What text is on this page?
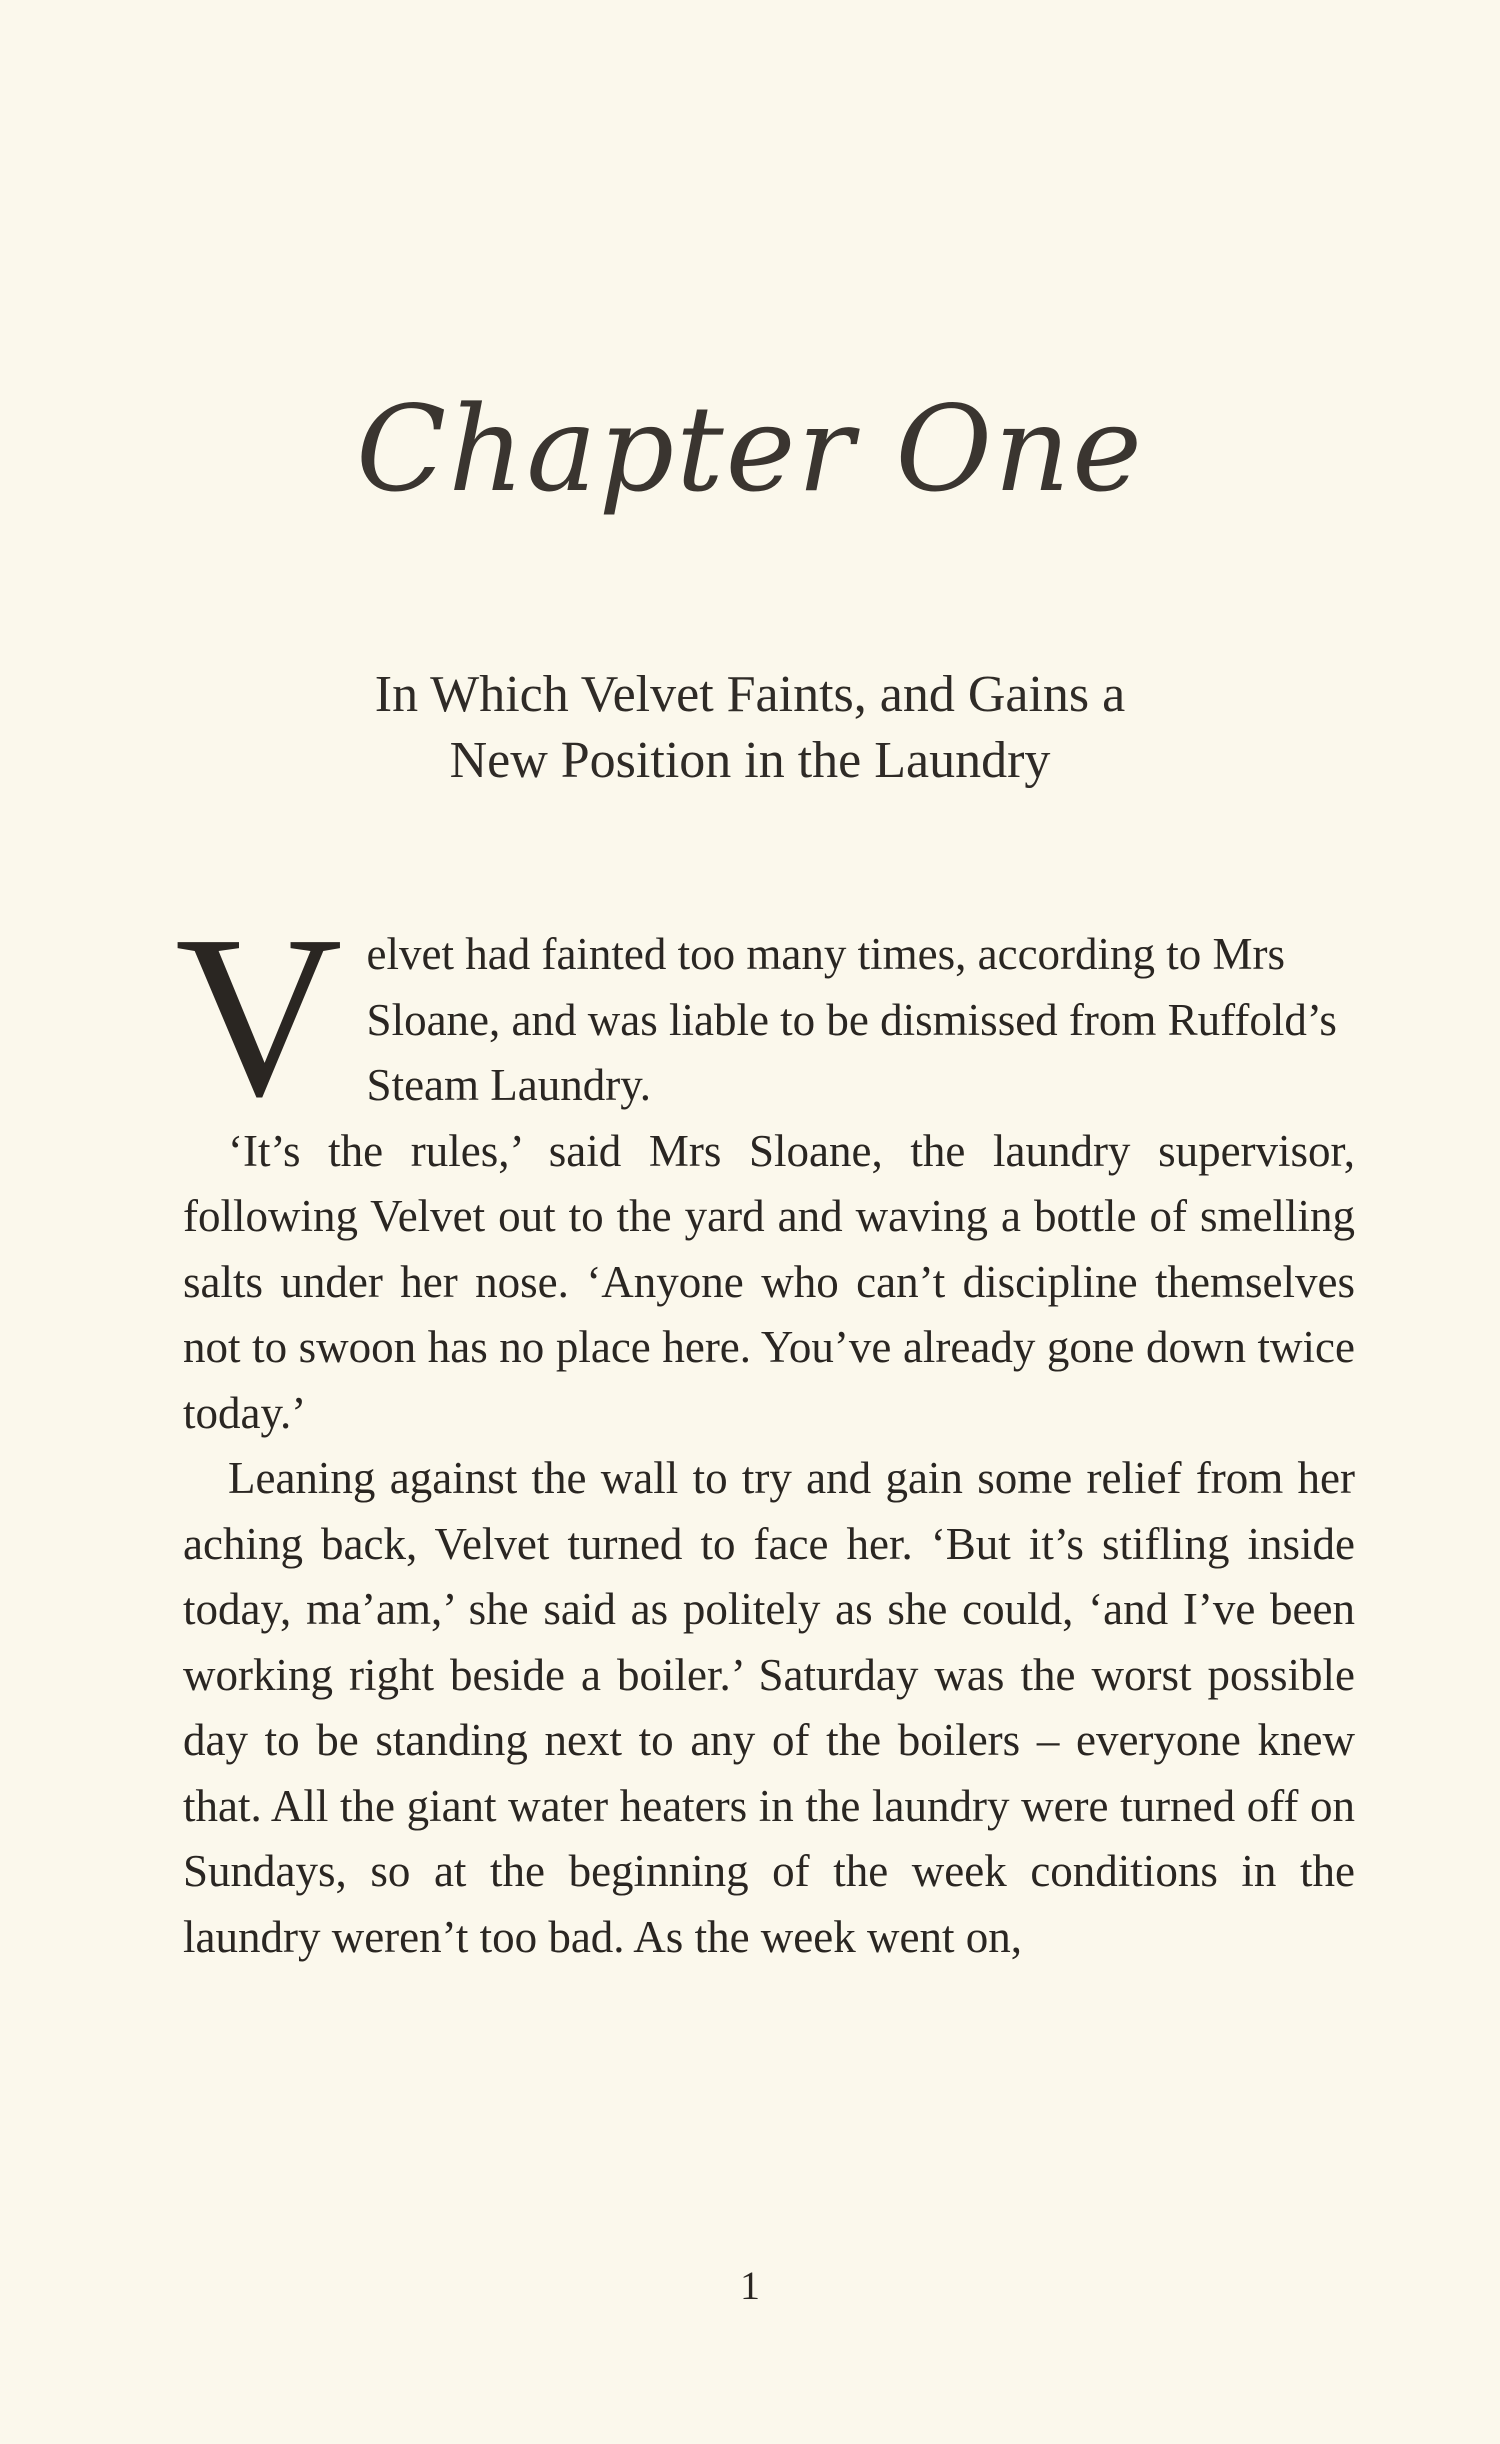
Chapter One
In Which Velvet Faints, and Gains a
New Position in the Laundry
V elvet had fainted too many times, according to Mrs Sloane, and was liable to be dismissed from Ruffold’s Steam Laundry.

‘It’s the rules,’ said Mrs Sloane, the laundry supervisor, following Velvet out to the yard and waving a bottle of smelling salts under her nose. ‘Anyone who can’t discipline themselves not to swoon has no place here. You’ve already gone down twice today.’

Leaning against the wall to try and gain some relief from her aching back, Velvet turned to face her. ‘But it’s stifling inside today, ma’am,’ she said as politely as she could, ‘and I’ve been working right beside a boiler.’ Saturday was the worst possible day to be standing next to any of the boilers – everyone knew that. All the giant water heaters in the laundry were turned off on Sundays, so at the beginning of the week conditions in the laundry weren’t too bad. As the week went on,

1
